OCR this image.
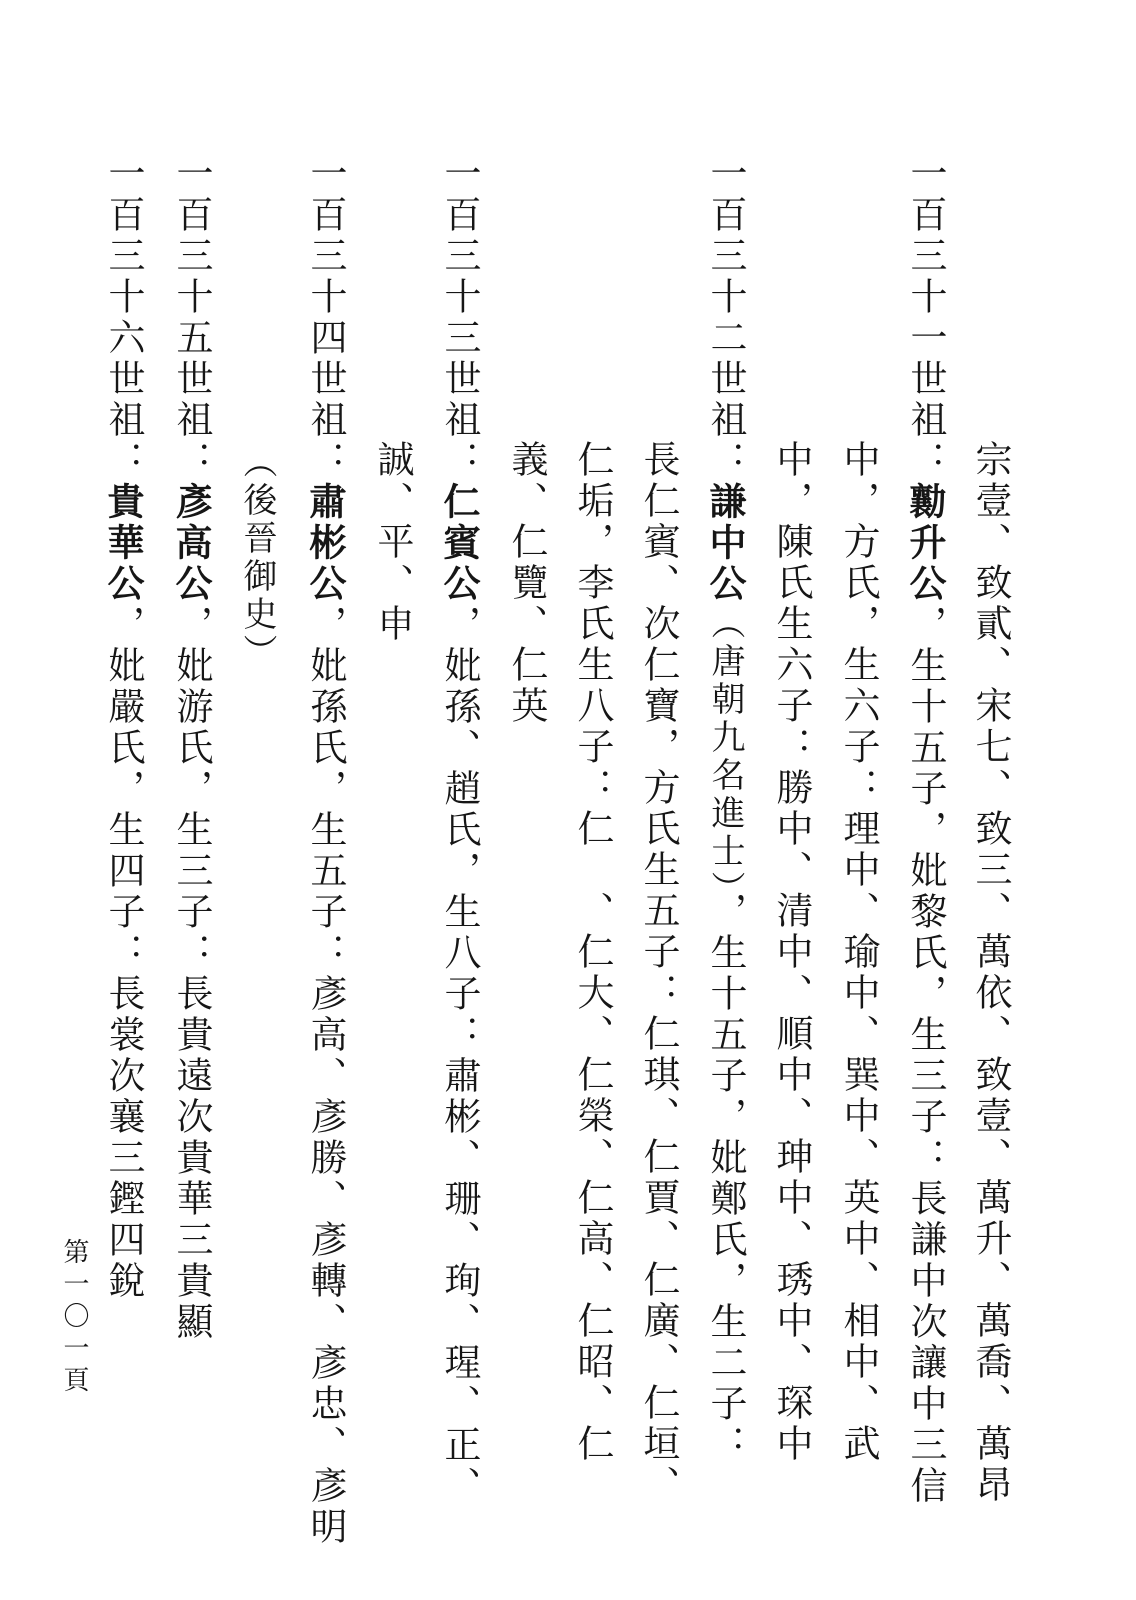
宗壹、致貳、宋七、致三、萬依、致壹、萬升、萬喬、萬昂
一百三十一世祖：勷升公，生十五子，妣黎氏，生三子：長謙中次讓中三信
中，方氏，生六子：理中、瑜中、巽中、英中、相中、武
中，陳氏生六子：勝中、清中、順中、珅中、琇中、琛中
一百三十二世祖：謙中公（唐朝九名進士），生十五子，妣鄭氏，生二子：
長仁賓、次仁寶，方氏生五子：仁琪、仁賈、仁廣、仁垣、
仁垢，李氏生八子：仁　、仁大、仁榮、仁高、仁昭、仁
義、仁覽、仁英
一百三十三世祖：仁賓公，妣孫、趙氏，生八子：肅彬、珊、珣、瑆、正、
誠、平、申
一百三十四世祖：肅彬公，妣孫氏，生五子：彥高、彥勝、彥轉、彥忠、彥明
（後晉御史）
一百三十五世祖：彥高公，妣游氏，生三子：長貴遠次貴華三貴顯
一百三十六世祖：貴華公，妣嚴氏，生四子：長裳次襄三鏗四銳
第一〇一頁
